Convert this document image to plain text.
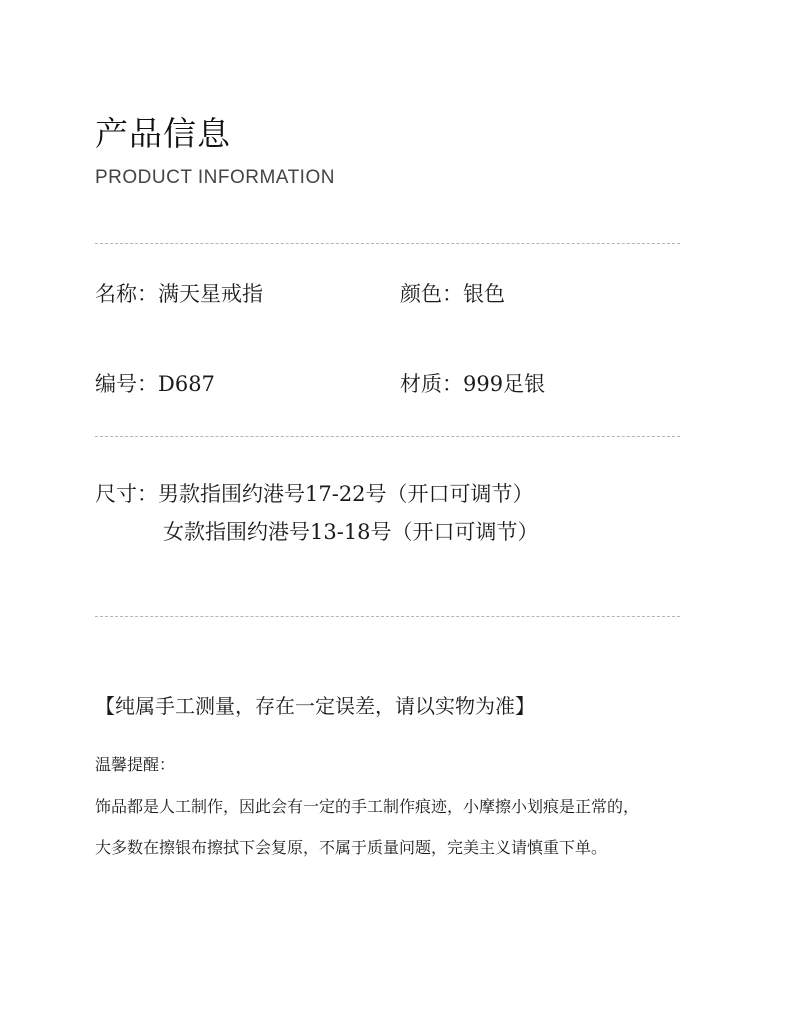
产品信息
PRODUCT INFORMATION
名称：满天星戒指	颜色：银色
编号：D687	材质：999足银
尺寸：男款指围约港号17-22号（开口可调节）
女款指围约港号13-18号（开口可调节）
【纯属手工测量，存在一定误差，请以实物为准】
温馨提醒：
饰品都是人工制作，因此会有一定的手工制作痕迹，小摩擦小划痕是正常的，
大多数在擦银布擦拭下会复原，不属于质量问题，完美主义请慎重下单。
